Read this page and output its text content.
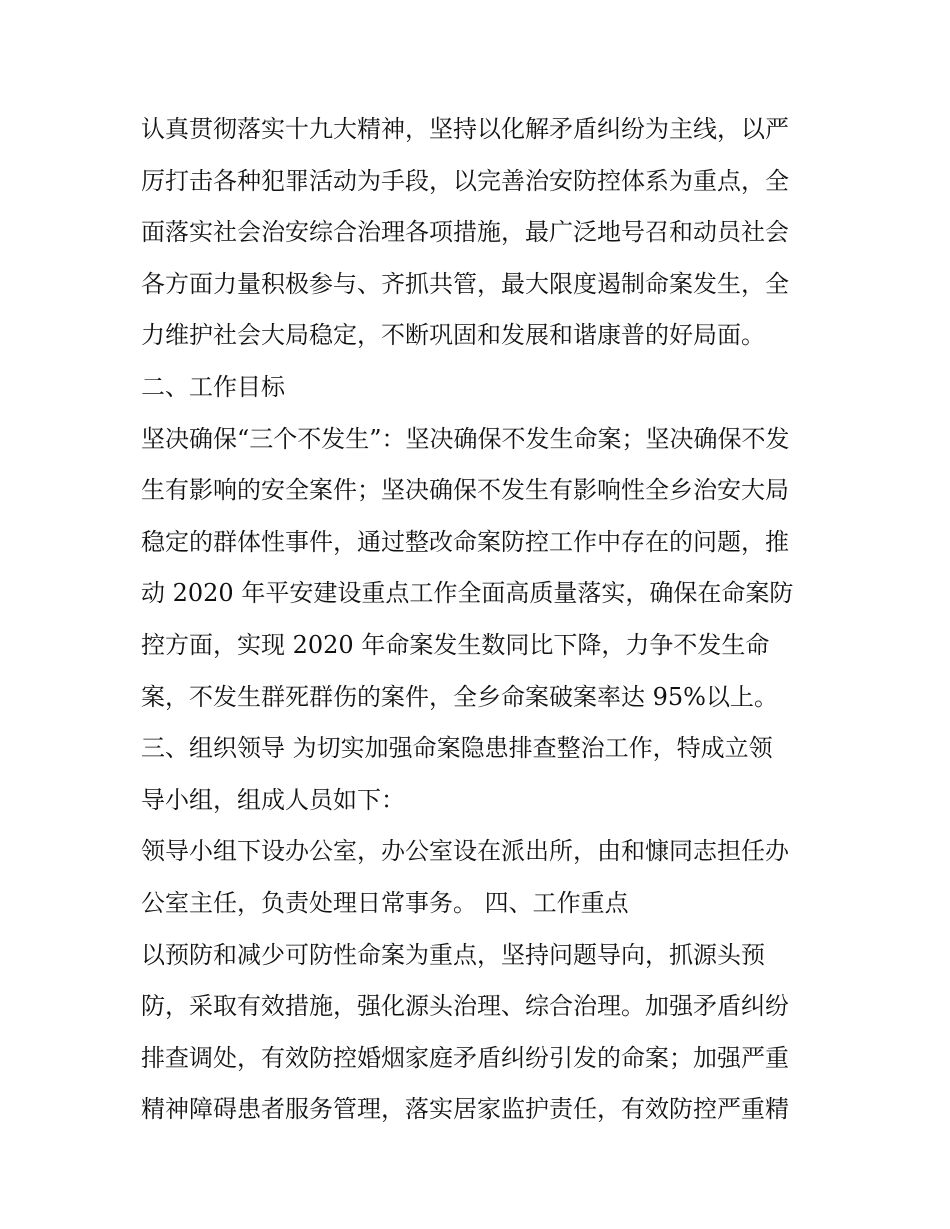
认真贯彻落实十九大精神，坚持以化解矛盾纠纷为主线，以严
厉打击各种犯罪活动为手段，以完善治安防控体系为重点，全
面落实社会治安综合治理各项措施，最广泛地号召和动员社会
各方面力量积极参与、齐抓共管，最大限度遏制命案发生，全
力维护社会大局稳定，不断巩固和发展和谐康普的好局面。
二、工作目标
坚决确保“三个不发生”：坚决确保不发生命案；坚决确保不发
生有影响的安全案件；坚决确保不发生有影响性全乡治安大局
稳定的群体性事件，通过整改命案防控工作中存在的问题，推
动 2020 年平安建设重点工作全面高质量落实，确保在命案防
控方面，实现 2020 年命案发生数同比下降，力争不发生命
案，不发生群死群伤的案件，全乡命案破案率达 95%以上。
三、组织领导 为切实加强命案隐患排查整治工作，特成立领
导小组，组成人员如下：
领导小组下设办公室，办公室设在派出所，由和慷同志担任办
公室主任，负责处理日常事务。 四、工作重点
以预防和减少可防性命案为重点，坚持问题导向，抓源头预
防，采取有效措施，强化源头治理、综合治理。加强矛盾纠纷
排查调处，有效防控婚烟家庭矛盾纠纷引发的命案；加强严重
精神障碍患者服务管理，落实居家监护责任，有效防控严重精
